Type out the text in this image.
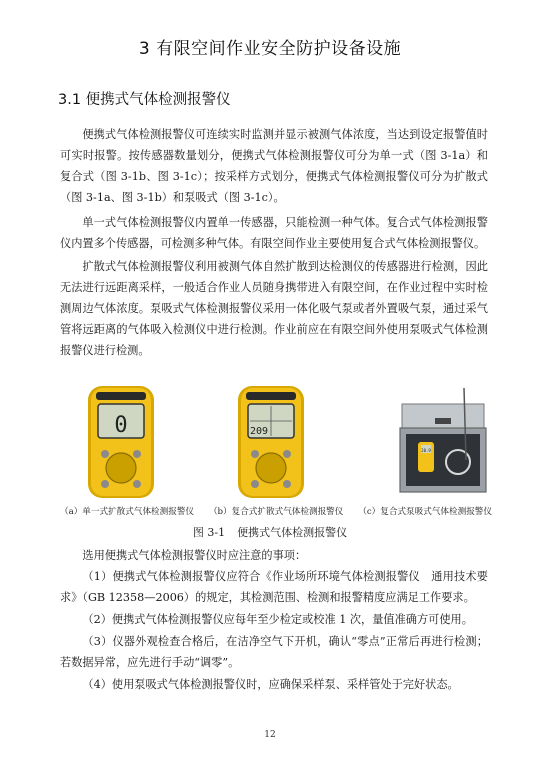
3 有限空间作业安全防护设备设施
3.1 便携式气体检测报警仪

便携式气体检测报警仪可连续实时监测并显示被测气体浓度，当达到设定报警值时可实时报警。按传感器数量划分，便携式气体检测报警仪可分为单一式（图 3-1a）和复合式（图 3-1b、图 3-1c）；按采样方式划分，便携式气体检测报警仪可分为扩散式（图 3-1a、图 3-1b）和泵吸式（图 3-1c）。

单一式气体检测报警仪内置单一传感器，只能检测一种气体。复合式气体检测报警仪内置多个传感器，可检测多种气体。有限空间作业主要使用复合式气体检测报警仪。

扩散式气体检测报警仪利用被测气体自然扩散到达检测仪的传感器进行检测，因此无法进行远距离采样，一般适合作业人员随身携带进入有限空间，在作业过程中实时检测周边气体浓度。泵吸式气体检测报警仪采用一体化吸气泵或者外置吸气泵，通过采气管将远距离的气体吸入检测仪中进行检测。作业前应在有限空间外使用泵吸式气体检测报警仪进行检测。

0	209
20.9
（a）单一式扩散式气体检测报警仪 （b）复合式扩散式气体检测报警仪 （c）复合式泵吸式气体检测报警仪
图 3-1 便携式气体检测报警仪

选用便携式气体检测报警仪时应注意的事项：

（1）便携式气体检测报警仪应符合《作业场所环境气体检测报警仪　通用技术要求》（GB 12358—2006）的规定，其检测范围、检测和报警精度应满足工作要求。

（2）便携式气体检测报警仪应每年至少检定或校准 1 次，量值准确方可使用。

（3）仪器外观检查合格后，在洁净空气下开机，确认“零点”正常后再进行检测；若数据异常，应先进行手动“调零”。

（4）使用泵吸式气体检测报警仪时，应确保采样泵、采样管处于完好状态。

12
